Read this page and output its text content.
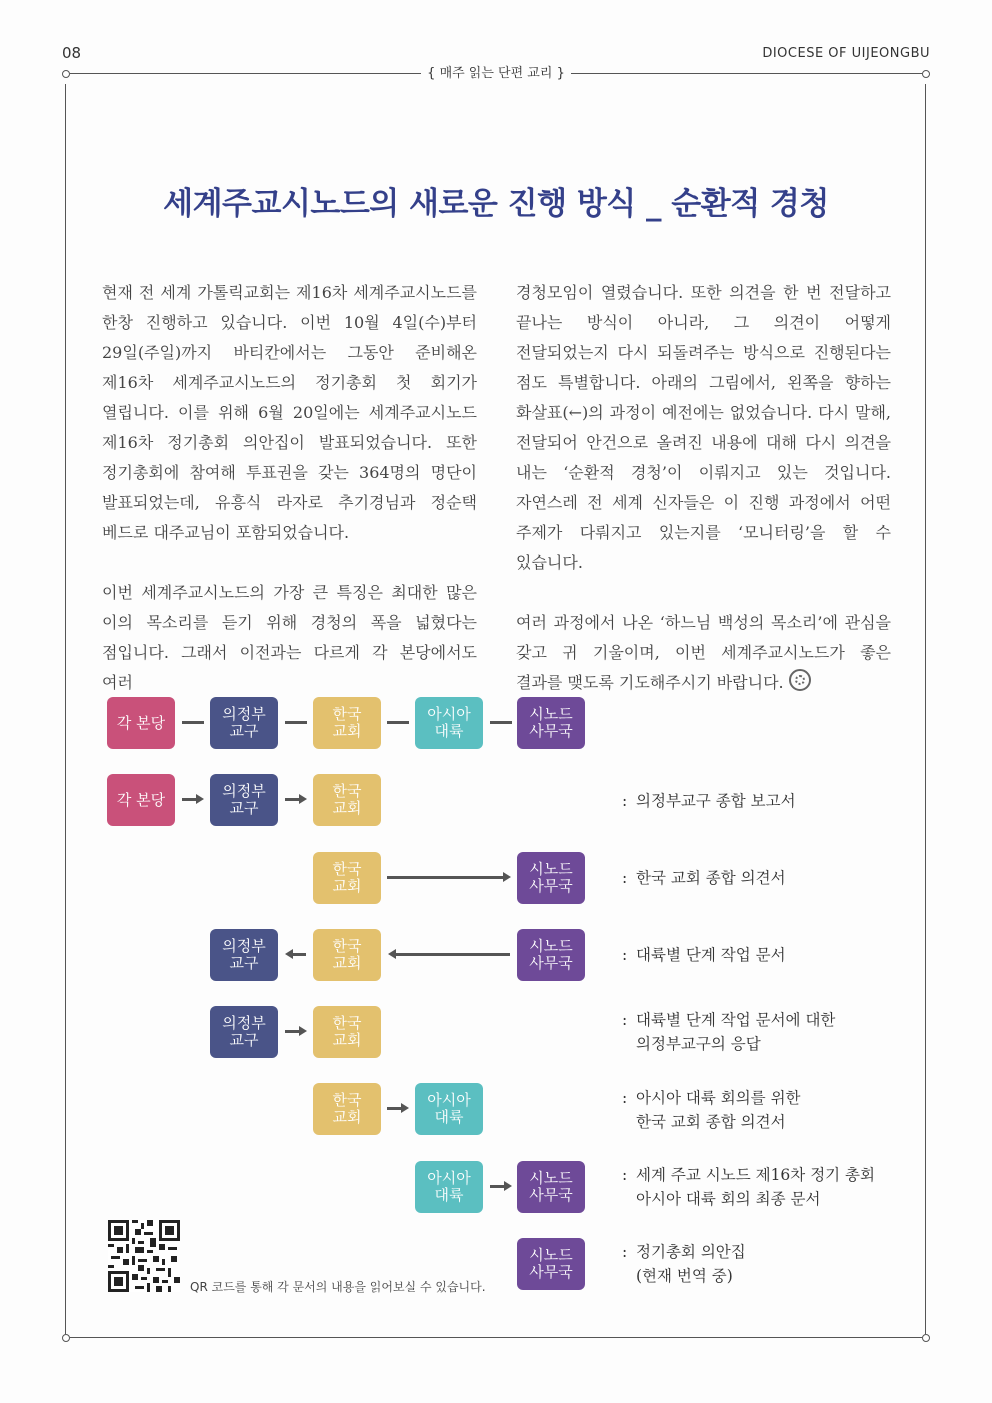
08	DIOCESE OF UIJEONGBU
{ 매주 읽는 단편 교리 }
세계주교시노드의 새로운 진행 방식 _ 순환적 경청

현재 전 세계 가톨릭교회는 제16차 세계주교시노드를 한창 진행하고 있습니다. 이번 10월 4일(수)부터 29일(주일)까지 바티칸에서는 그동안 준비해온 제16차 세계주교시노드의 정기총회 첫 회기가 열립니다. 이를 위해 6월 20일에는 세계주교시노드 제16차 정기총회 의안집이 발표되었습니다. 또한 정기총회에 참여해 투표권을 갖는 364명의 명단이 발표되었는데, 유흥식 라자로 추기경님과 정순택 베드로 대주교님이 포함되었습니다.

이번 세계주교시노드의 가장 큰 특징은 최대한 많은 이의 목소리를 듣기 위해 경청의 폭을 넓혔다는 점입니다. 그래서 이전과는 다르게 각 본당에서도 여러

경청모임이 열렸습니다. 또한 의견을 한 번 전달하고 끝나는 방식이 아니라, 그 의견이 어떻게 전달되었는지 다시 되돌려주는 방식으로 진행된다는 점도 특별합니다. 아래의 그림에서, 왼쪽을 향하는 화살표(←)의 과정이 예전에는 없었습니다. 다시 말해, 전달되어 안건으로 올려진 내용에 대해 다시 의견을 내는 ‘순환적 경청’이 이뤄지고 있는 것입니다. 자연스레 전 세계 신자들은 이 진행 과정에서 어떤 주제가 다뤄지고 있는지를 ‘모니터링’을 할 수 있습니다.

여러 과정에서 나온 ‘하느님 백성의 목소리’에 관심을 갖고 귀 기울이며, 이번 세계주교시노드가 좋은 결과를 맺도록 기도해주시기 바랍니다.

각 본당	의정부
교구
한국
교회
아시아
대륙
시노드
사무국
각 본당	의정부
교구
한국
교회	: 의정부교구 종합 보고서
한국
교회
시노드
사무국	: 한국 교회 종합 의견서
의정부
교구
한국
교회
시노드
사무국	: 대륙별 단계 작업 문서
의정부
교구
한국
교회
: 대륙별 단계 작업 문서에 대한
의정부교구의 응답
한국
교회
아시아
대륙
: 아시아 대륙 회의를 위한
한국 교회 종합 의견서
아시아
대륙
시노드
사무국
: 세계 주교 시노드 제16차 정기 총회
아시아 대륙 회의 최종 문서
시노드
사무국
: 정기총회 의안집
(현재 번역 중)
QR 코드를 통해 각 문서의 내용을 읽어보실 수 있습니다.
